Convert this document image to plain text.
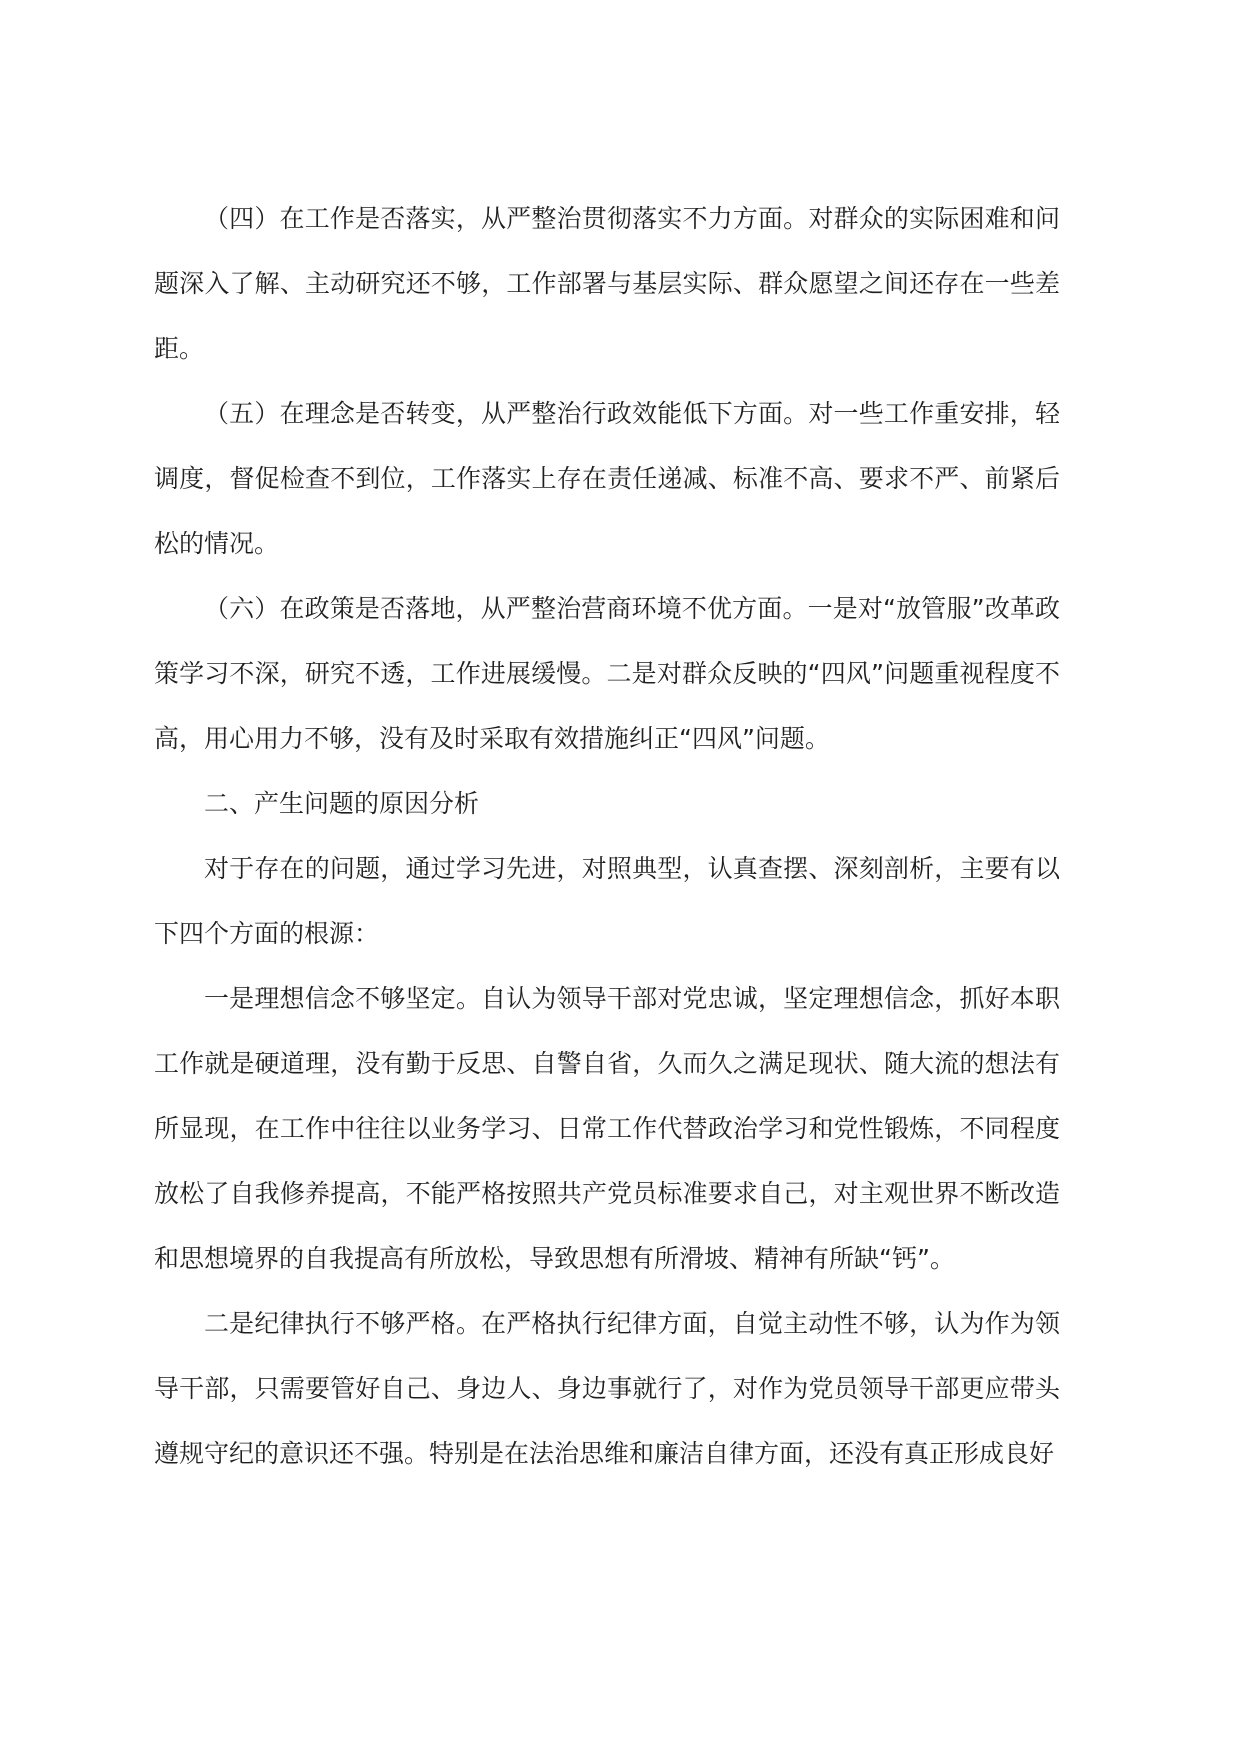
（四）在工作是否落实，从严整治贯彻落实不力方面。对群众的实际困难和问题深入了解、主动研究还不够，工作部署与基层实际、群众愿望之间还存在一些差距。

（五）在理念是否转变，从严整治行政效能低下方面。对一些工作重安排，轻调度，督促检查不到位，工作落实上存在责任递减、标准不高、要求不严、前紧后松的情况。

（六）在政策是否落地，从严整治营商环境不优方面。一是对“放管服”改革政策学习不深，研究不透，工作进展缓慢。二是对群众反映的“四风”问题重视程度不高，用心用力不够，没有及时采取有效措施纠正“四风”问题。

二、产生问题的原因分析

对于存在的问题，通过学习先进，对照典型，认真查摆、深刻剖析，主要有以下四个方面的根源：

一是理想信念不够坚定。自认为领导干部对党忠诚，坚定理想信念，抓好本职工作就是硬道理，没有勤于反思、自警自省，久而久之满足现状、随大流的想法有所显现，在工作中往往以业务学习、日常工作代替政治学习和党性锻炼，不同程度放松了自我修养提高，不能严格按照共产党员标准要求自己，对主观世界不断改造和思想境界的自我提高有所放松，导致思想有所滑坡、精神有所缺“钙”。

二是纪律执行不够严格。在严格执行纪律方面，自觉主动性不够，认为作为领导干部，只需要管好自己、身边人、身边事就行了，对作为党员领导干部更应带头遵规守纪的意识还不强。特别是在法治思维和廉洁自律方面，还没有真正形成良好
